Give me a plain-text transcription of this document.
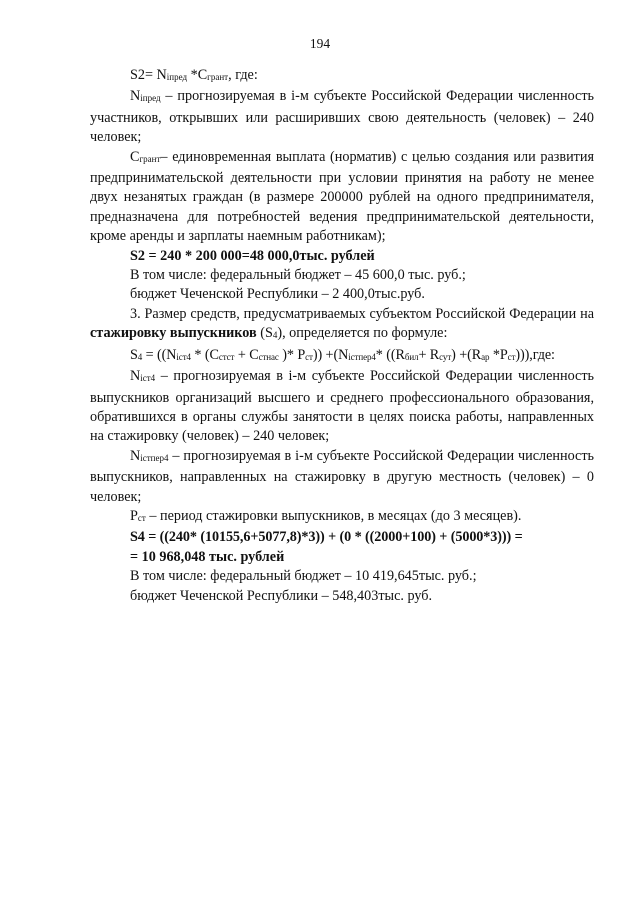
194

S2= Niпред *Cгрант, где:

Niпред – прогнозируемая в i-м субъекте Российской Федерации численность участников, открывших или расширивших свою деятельность (человек) – 240 человек;

Cгрант– единовременная выплата (норматив) с целью создания или развития предпринимательской деятельности при условии принятия на работу не менее двух незанятых граждан (в размере 200000 рублей на одного предпринимателя, предназначена для потребностей ведения предпринимательской деятельности, кроме аренды и зарплаты наемным работникам);

S2 = 240 * 200 000=48 000,0тыс. рублей

В том числе: федеральный бюджет – 45 600,0 тыс. руб.;

бюджет Чеченской Республики – 2 400,0тыс.руб.

3. Размер средств, предусматриваемых субъектом Российской Федерации на стажировку выпускников (S4), определяется по формуле:

S4 = ((Niст4 * (Cстст + Cстнас )* Pст)) +(Niстпер4* ((Rбил+ Rсут) +(Rар *Pст))),где:

Niст4 – прогнозируемая в i-м субъекте Российской Федерации численность выпускников организаций высшего и среднего профессионального образования, обратившихся в органы службы занятости в целях поиска работы, направленных на стажировку (человек) – 240 человек;

Niстпер4 – прогнозируемая в i-м субъекте Российской Федерации численность выпускников, направленных на стажировку в другую местность (человек) – 0 человек;

Pст – период стажировки выпускников, в месяцах (до 3 месяцев).

S4 = ((240* (10155,6+5077,8)*3)) + (0 * ((2000+100) + (5000*3))) =

= 10 968,048 тыс. рублей

В том числе: федеральный бюджет – 10 419,645тыс. руб.;

бюджет Чеченской Республики – 548,403тыс. руб.
